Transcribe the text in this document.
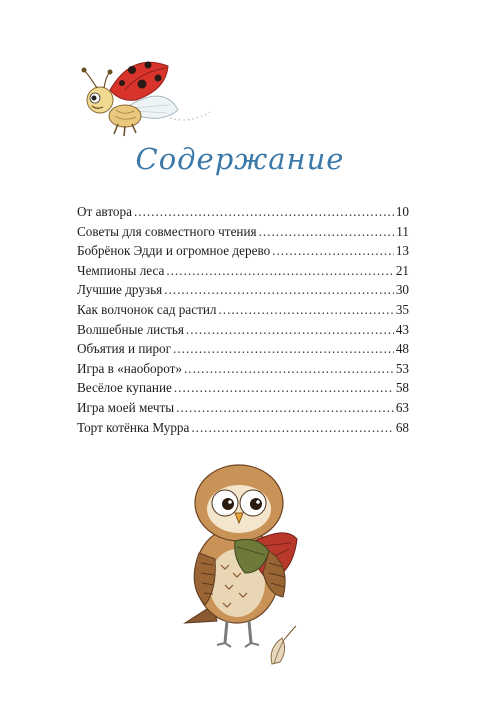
Содержание
От автора .....	10
Советы для совместного чтения .....	11
Бобрёнок Эдди и огромное дерево .....	13
Чемпионы леса .....	21
Лучшие друзья .....	30
Как волчонок сад растил .....	35
Волшебные листья .....	43
Объятия и пирог .....	48
Игра в «наоборот» .....	53
Весёлое купание .....	58
Игра моей мечты .....	63
Торт котёнка Мурра .....	68
